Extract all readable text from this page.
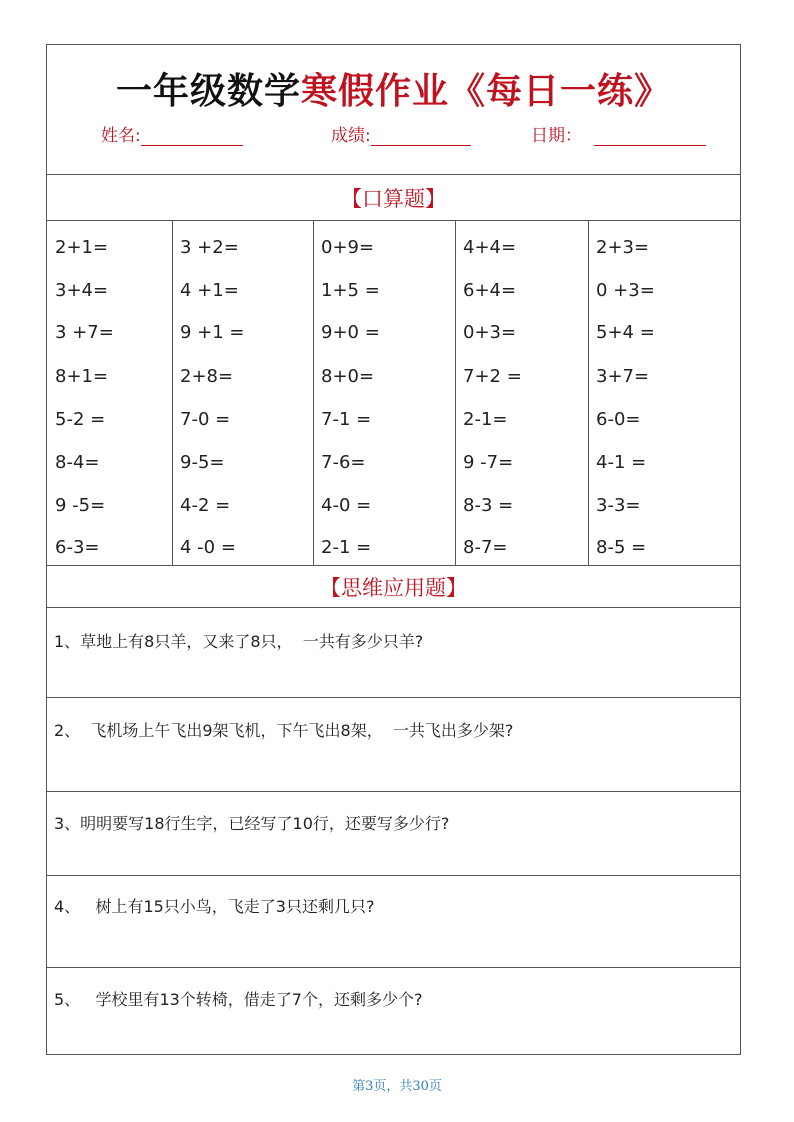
一年级数学寒假作业《每日一练》
姓名:	成绩:	日期：
【口算题】
2+1=
3+4=
3 +7=
8+1=
5-2 =
8-4=
9 -5=
6-3=
3 +2=
4 +1=
9 +1 =
2+8=
7-0 =
9-5=
4-2 =
4 -0 =
0+9=
1+5 =
9+0 =
8+0=
7-1 =
7-6=
4-0 =
2-1 =
4+4=
6+4=
0+3=
7+2 =
2-1=
9 -7=
8-3 =
8-7=
2+3=
0 +3=
5+4 =
3+7=
6-0=
4-1 =
3-3=
8-5 =
【思维应用题】
1、草地上有8只羊，又来了8只，  一共有多少只羊?
2、  飞机场上午飞出9架飞机，下午飞出8架，  一共飞出多少架?
3、明明要写18行生字，已经写了10行，还要写多少行?
4、   树上有15只小鸟，飞走了3只还剩几只?
5、   学校里有13个转椅，借走了7个，还剩多少个?
第3页，共30页
